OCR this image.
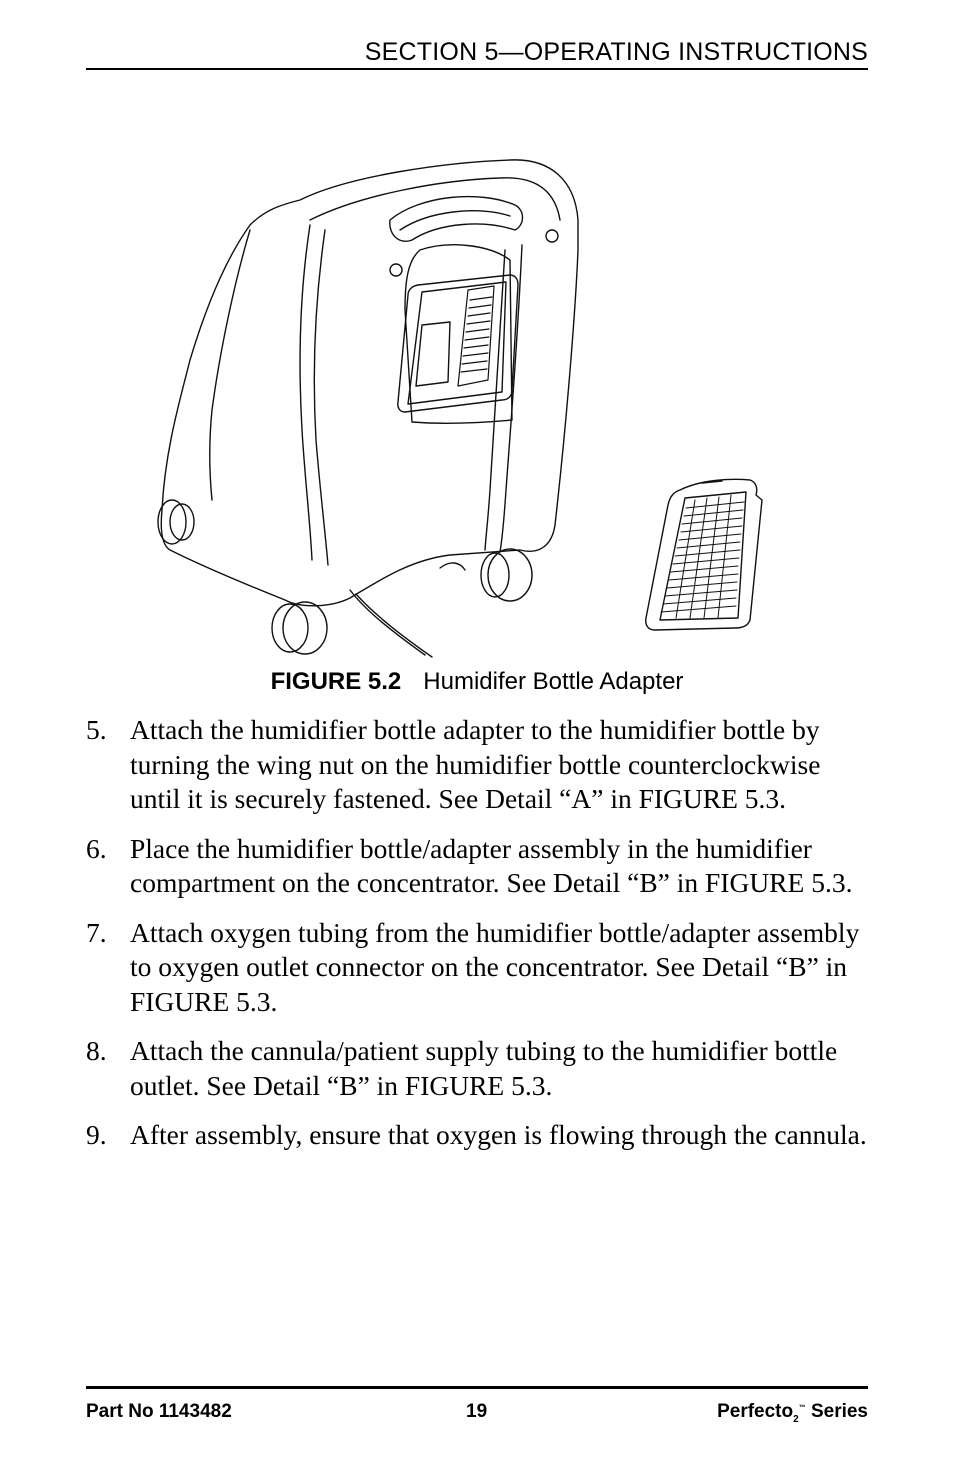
SECTION 5—OPERATING INSTRUCTIONS
FIGURE 5.2 Humidifer Bottle Adapter
5. Attach the humidifier bottle adapter to the humidifier bottle by turning the wing nut on the humidifier bottle counterclockwise until it is securely fastened. See Detail “A” in FIGURE 5.3.
6. Place the humidifier bottle/adapter assembly in the humidifier compartment on the concentrator. See Detail “B” in FIGURE 5.3.
7. Attach oxygen tubing from the humidifier bottle/adapter assembly to oxygen outlet connector on the concentrator. See Detail “B” in FIGURE 5.3.
8. Attach the cannula/patient supply tubing to the humidifier bottle outlet. See Detail “B” in FIGURE 5.3.
9. After assembly, ensure that oxygen is flowing through the cannula.
Part No 1143482	19	Perfecto$_2$™ Series
